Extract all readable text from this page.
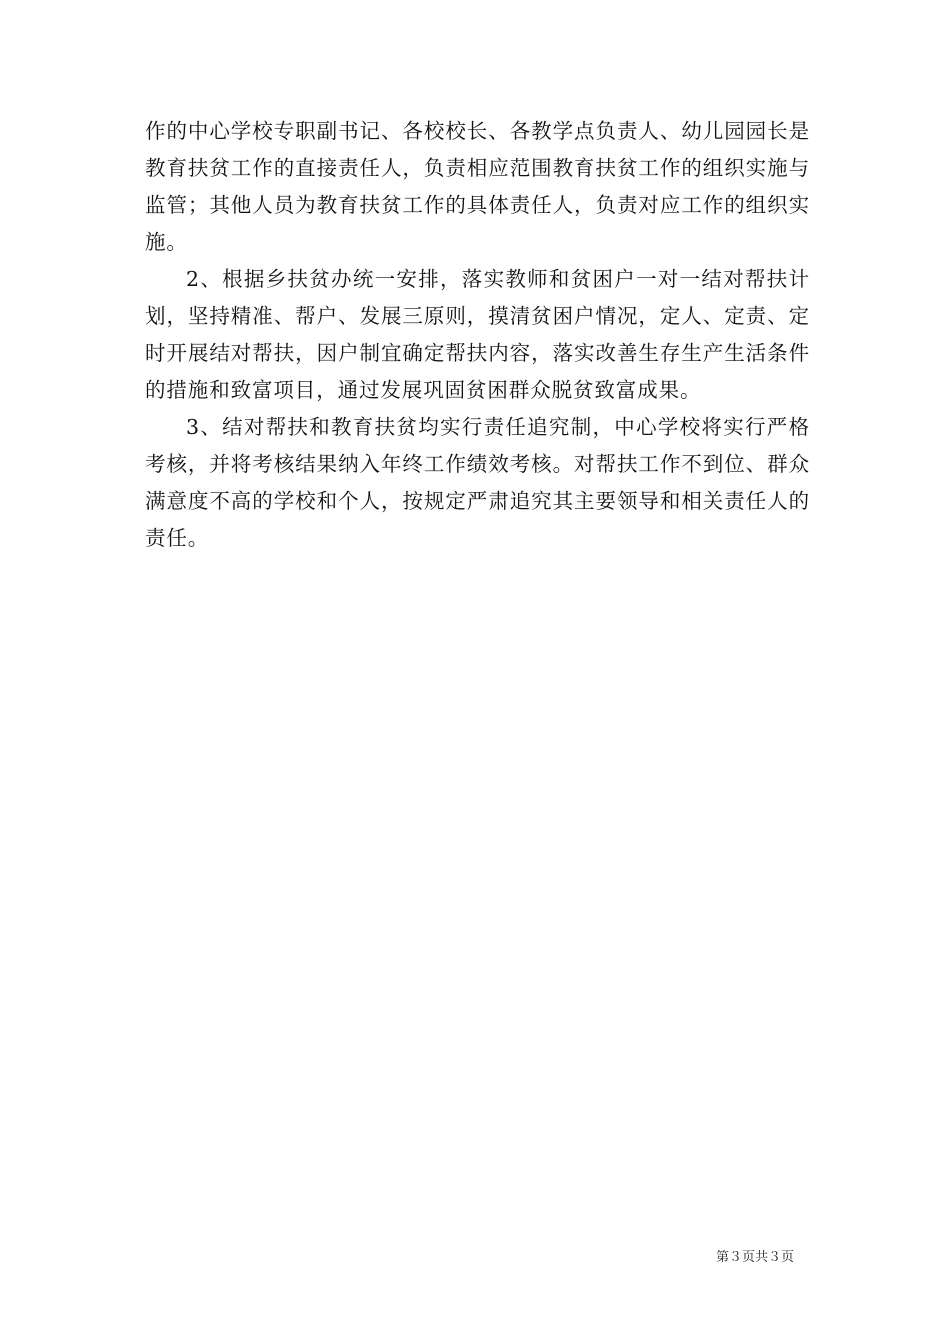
作的中心学校专职副书记、各校校长、各教学点负责人、幼儿园园长是教育扶贫工作的直接责任人，负责相应范围教育扶贫工作的组织实施与监管；其他人员为教育扶贫工作的具体责任人，负责对应工作的组织实施。

2、根据乡扶贫办统一安排，落实教师和贫困户一对一结对帮扶计划，坚持精准、帮户、发展三原则，摸清贫困户情况，定人、定责、定时开展结对帮扶，因户制宜确定帮扶内容，落实改善生存生产生活条件的措施和致富项目，通过发展巩固贫困群众脱贫致富成果。

3、结对帮扶和教育扶贫均实行责任追究制，中心学校将实行严格考核，并将考核结果纳入年终工作绩效考核。对帮扶工作不到位、群众满意度不高的学校和个人，按规定严肃追究其主要领导和相关责任人的责任。

第３页共３页
